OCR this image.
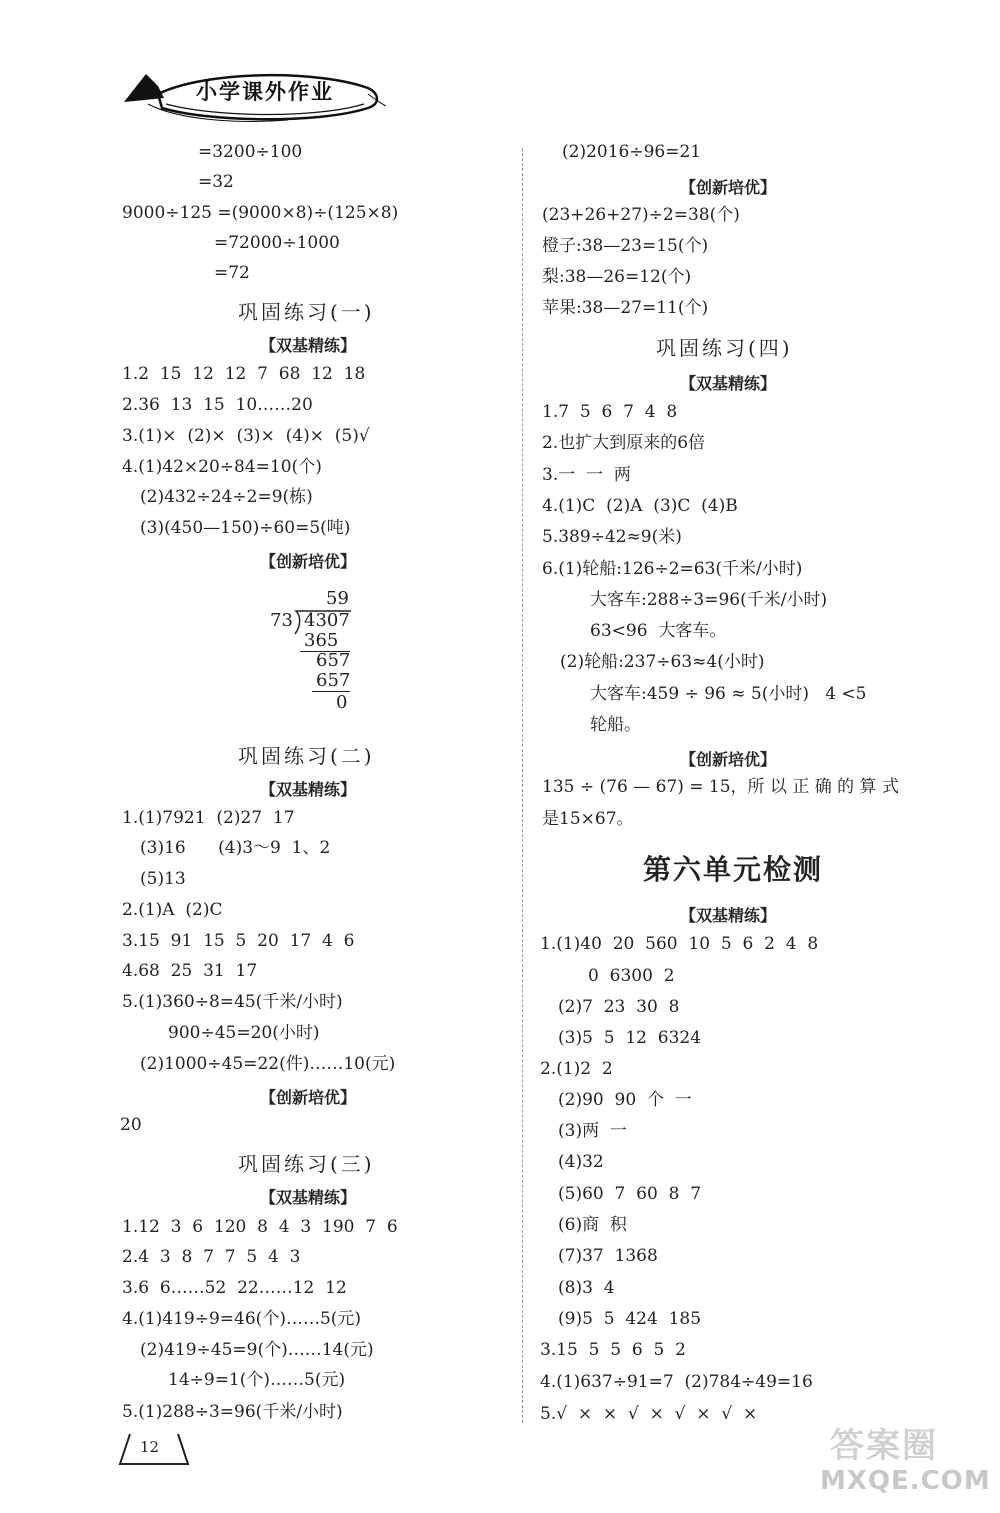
小学课外作业
=3200÷100
=32
9000÷125 =(9000×8)÷(125×8)
=72000÷1000
=72
巩固练习(一)
【双基精练】
1.2  15  12  12  7  68  12  18
2.36  13  15  10……20
3.(1)×  (2)×  (3)×  (4)×  (5)√
4.(1)42×20÷84=10(个)
(2)432÷24÷2=9(栋)
(3)(450—150)÷60=5(吨)
【创新培优】
59
73 4307
365
657
657
0
巩固练习(二)
【双基精练】
1.(1)7921  (2)27  17
(3)16      (4)3～9  1、2
(5)13
2.(1)A  (2)C
3.15  91  15  5  20  17  4  6
4.68  25  31  17
5.(1)360÷8=45(千米/小时)
900÷45=20(小时)
(2)1000÷45=22(件)……10(元)
【创新培优】
20
巩固练习(三)
【双基精练】
1.12  3  6  120  8  4  3  190  7  6
2.4  3  8  7  7  5  4  3
3.6  6……52  22……12  12
4.(1)419÷9=46(个)……5(元)
(2)419÷45=9(个)……14(元)
14÷9=1(个)……5(元)
5.(1)288÷3=96(千米/小时)
(2)2016÷96=21
【创新培优】
(23+26+27)÷2=38(个)
橙子:38—23=15(个)
梨:38—26=12(个)
苹果:38—27=11(个)
巩固练习(四)
【双基精练】
1.7  5  6  7  4  8
2.也扩大到原来的6倍
3.一  一  两
4.(1)C  (2)A  (3)C  (4)B
5.389÷42≈9(米)
6.(1)轮船:126÷2=63(千米/小时)
大客车:288÷3=96(千米/小时)
63<96  大客车。
(2)轮船:237÷63≈4(小时)
大客车:459 ÷ 96 ≈ 5(小时)   4 <5
轮船。
【创新培优】
135 ÷ (76 — 67) = 15，所 以 正 确 的 算 式
是15×67。
第六单元检测
【双基精练】
1.(1)40  20  560  10  5  6  2  4  8
0  6300  2
(2)7  23  30  8
(3)5  5  12  6324
2.(1)2  2
(2)90  90  个  一
(3)两  一
(4)32
(5)60  7  60  8  7
(6)商  积
(7)37  1368
(8)3  4
(9)5  5  424  185
3.15  5  5  6  5  2
4.(1)637÷91=7  (2)784÷49=16
5.√  ×  ×  √  ×  √  ×  √  ×
12	答案圈
MXQE.COM
